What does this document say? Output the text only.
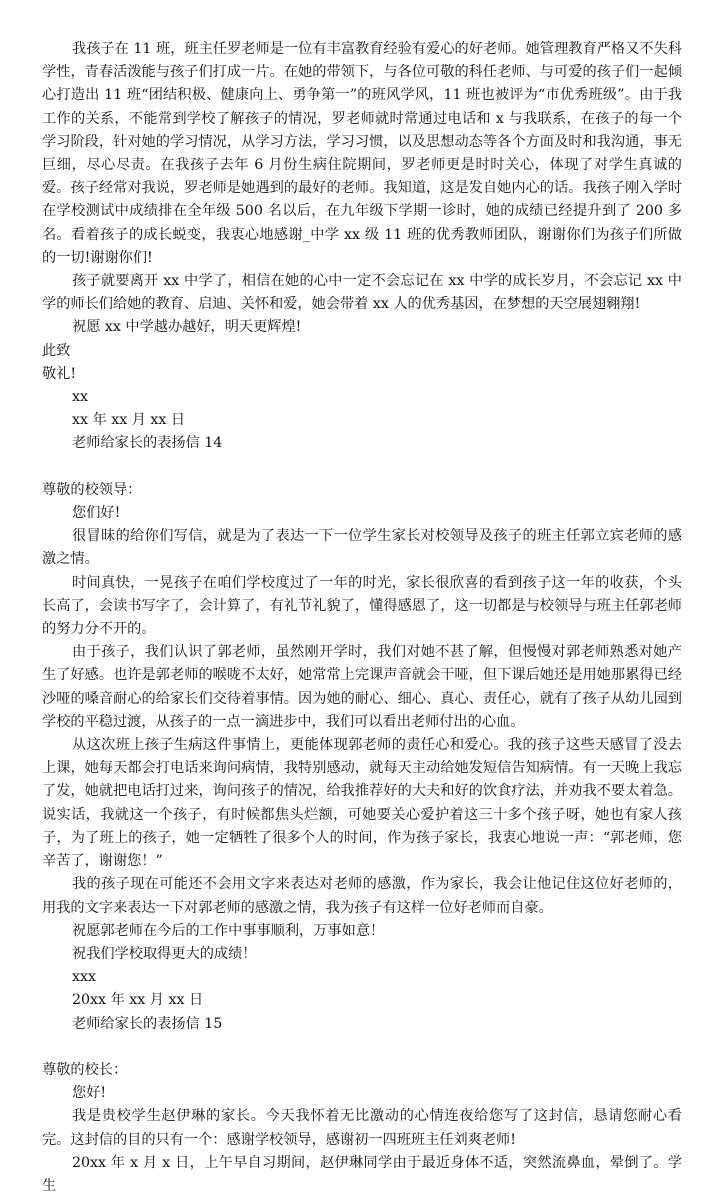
我孩子在 11 班，班主任罗老师是一位有丰富教育经验有爱心的好老师。她管理教育严格又不失科学性，青春活泼能与孩子们打成一片。在她的带领下，与各位可敬的科任老师、与可爱的孩子们一起倾心打造出 11 班“团结积极、健康向上、勇争第一”的班风学风，11 班也被评为“市优秀班级”。由于我工作的关系，不能常到学校了解孩子的情况，罗老师就时常通过电话和 x 与我联系，在孩子的每一个学习阶段，针对她的学习情况，从学习方法，学习习惯，以及思想动态等各个方面及时和我沟通，事无巨细，尽心尽责。在我孩子去年 6 月份生病住院期间，罗老师更是时时关心，体现了对学生真诚的爱。孩子经常对我说，罗老师是她遇到的最好的老师。我知道，这是发自她内心的话。我孩子刚入学时在学校测试中成绩排在全年级 500 名以后，在九年级下学期一诊时，她的成绩已经提升到了 200 多名。看着孩子的成长蜕变，我衷心地感谢_中学 xx 级 11 班的优秀教师团队，谢谢你们为孩子们所做的一切!谢谢你们!

孩子就要离开 xx 中学了，相信在她的心中一定不会忘记在 xx 中学的成长岁月，不会忘记 xx 中学的师长们给她的教育、启迪、关怀和爱，她会带着 xx 人的优秀基因，在梦想的天空展翅翱翔!

祝愿 xx 中学越办越好，明天更辉煌!

此致

敬礼!

xx

xx 年 xx 月 xx 日

老师给家长的表扬信 14

尊敬的校领导：

您们好!

很冒昧的给你们写信，就是为了表达一下一位学生家长对校领导及孩子的班主任郭立宾老师的感激之情。

时间真快，一晃孩子在咱们学校度过了一年的时光，家长很欣喜的看到孩子这一年的收获，个头长高了，会读书写字了，会计算了，有礼节礼貌了，懂得感恩了，这一切都是与校领导与班主任郭老师的努力分不开的。

由于孩子，我们认识了郭老师，虽然刚开学时，我们对她不甚了解，但慢慢对郭老师熟悉对她产生了好感。也许是郭老师的喉咙不太好，她常常上完课声音就会干哑，但下课后她还是用她那累得已经沙哑的嗓音耐心的给家长们交待着事情。因为她的耐心、细心、真心、责任心，就有了孩子从幼儿园到学校的平稳过渡，从孩子的一点一滴进步中，我们可以看出老师付出的心血。

从这次班上孩子生病这件事情上，更能体现郭老师的责任心和爱心。我的孩子这些天感冒了没去上课，她每天都会打电话来询问病情，我特别感动，就每天主动给她发短信告知病情。有一天晚上我忘了发，她就把电话打过来，询问孩子的情况，给我推荐好的大夫和好的饮食疗法，并劝我不要太着急。说实话，我就这一个孩子，有时候都焦头烂额，可她要关心爱护着这三十多个孩子呀，她也有家人孩子，为了班上的孩子，她一定牺牲了很多个人的时间，作为孩子家长，我衷心地说一声：“郭老师，您辛苦了，谢谢您！”

我的孩子现在可能还不会用文字来表达对老师的感激，作为家长，我会让他记住这位好老师的，用我的文字来表达一下对郭老师的感激之情，我为孩子有这样一位好老师而自豪。

祝愿郭老师在今后的工作中事事顺利，万事如意！

祝我们学校取得更大的成绩！

xxx

20xx 年 xx 月 xx 日

老师给家长的表扬信 15

尊敬的校长：

您好!

我是贵校学生赵伊琳的家长。今天我怀着无比激动的心情连夜给您写了这封信，恳请您耐心看完。这封信的目的只有一个：感谢学校领导，感谢初一四班班主任刘爽老师!

20xx 年 x 月 x 日，上午早自习期间，赵伊琳同学由于最近身体不适，突然流鼻血，晕倒了。学生
